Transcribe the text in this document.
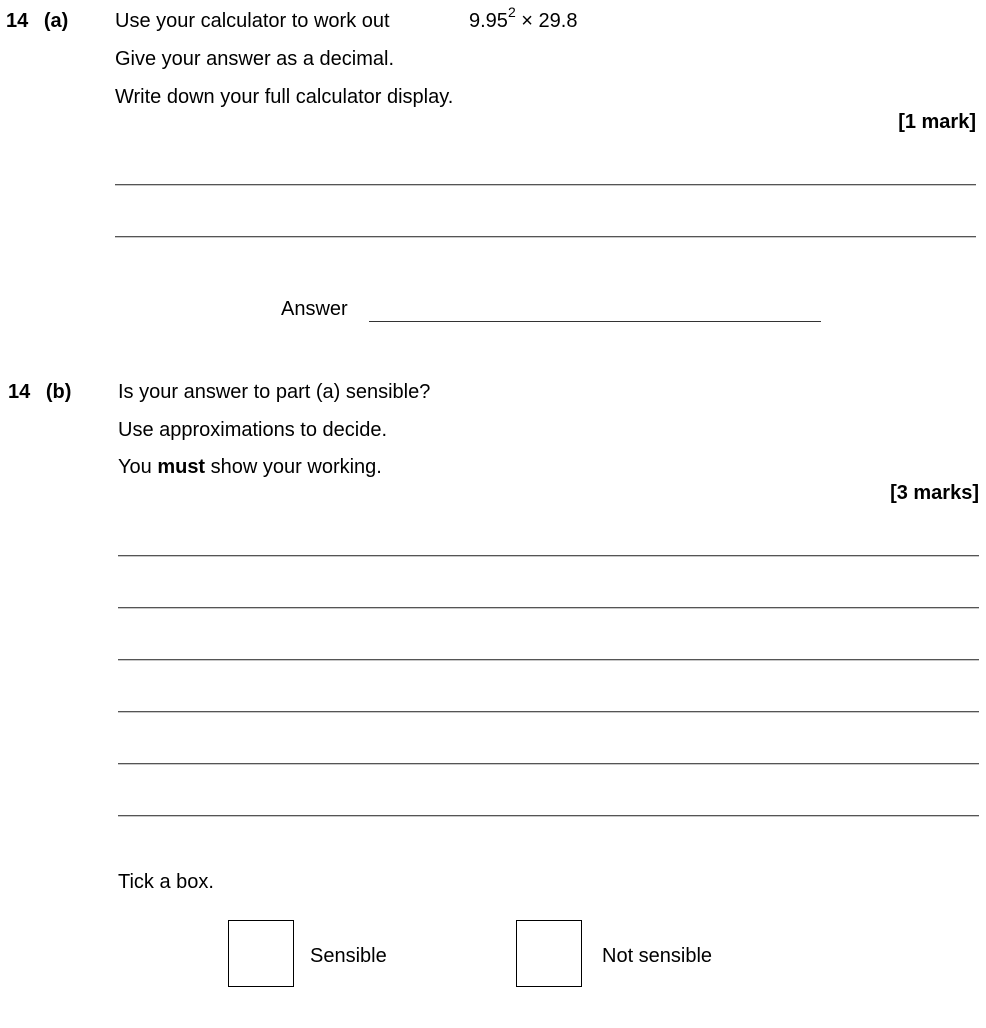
14 (a) Use your calculator to work out	$9.95^2 \times 29.8$
Give your answer as a decimal.
Write down your full calculator display.
[1 mark]
Answer
14 (b) Is your answer to part (a) sensible?
Use approximations to decide.
You must show your working.
[3 marks]
Tick a box.
Sensible	Not sensible
